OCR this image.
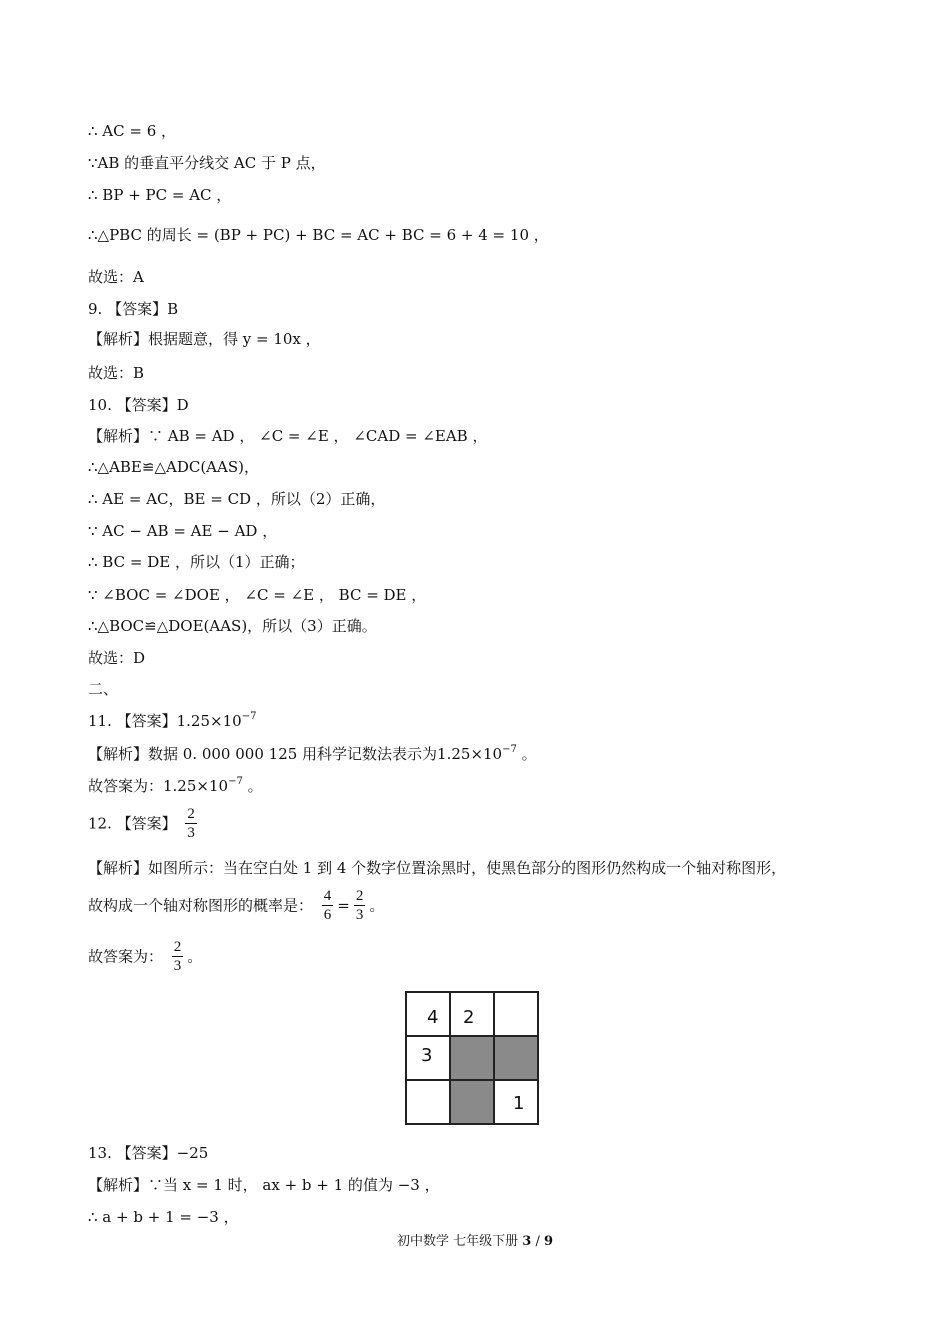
∴ AC = 6 ，
∵AB 的垂直平分线交 AC 于 P 点，
∴ BP + PC = AC ，
∴△PBC 的周长 = (BP + PC) + BC = AC + BC = 6 + 4 = 10 ，
故选：A
9. 【答案】B
【解析】根据题意，得 y = 10x ，
故选：B
10. 【答案】D
【解析】∵ AB = AD ， ∠C = ∠E ， ∠CAD = ∠EAB ，
∴△ABE≌△ADC(AAS)，
∴ AE = AC，BE = CD ，所以（2）正确，
∵ AC − AB = AE − AD ，
∴ BC = DE ，所以（1）正确；
∵ ∠BOC = ∠DOE ， ∠C = ∠E ， BC = DE ，
∴△BOC≌△DOE(AAS)，所以（3）正确。
故选：D
二、
11. 【答案】$1.25\times 10^{-7}$
【解析】数据 0. 000 000 125 用科学记数法表示为$1.25\times 10^{-7}$ 。
故答案为：$1.25\times 10^{-7}$ 。
12. 【答案】 $\frac{2}{3}$
【解析】如图所示：当在空白处 1 到 4 个数字位置涂黑时，使黑色部分的图形仍然构成一个轴对称图形，
故构成一个轴对称图形的概率是： $\frac{4}{6} = \frac{2}{3}$ 。
故答案为： $\frac{2}{3}$ 。
4	2	

3		

		1
13. 【答案】−25
【解析】∵当 x = 1 时， ax + b + 1 的值为 −3 ，
∴ a + b + 1 = −3 ，
初中数学 七年级下册 3 / 9
